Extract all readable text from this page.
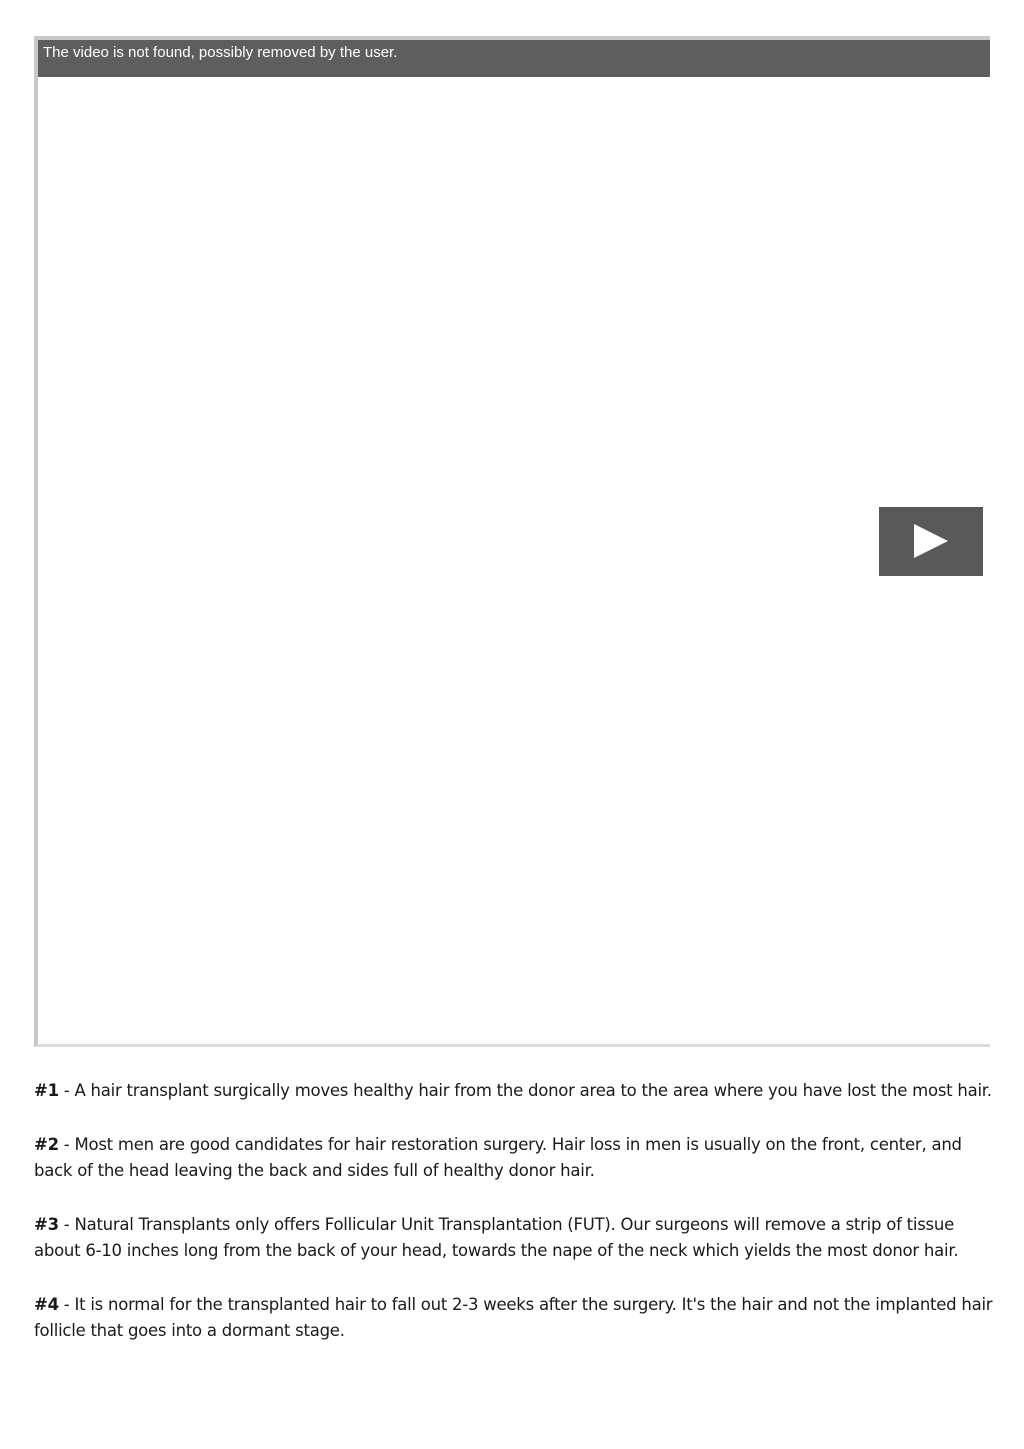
The video is not found, possibly removed by the user.

#1 - A hair transplant surgically moves healthy hair from the donor area to the area where you have lost the most hair.

#2 - Most men are good candidates for hair restoration surgery. Hair loss in men is usually on the front, center, and back of the head leaving the back and sides full of healthy donor hair.

#3 - Natural Transplants only offers Follicular Unit Transplantation (FUT). Our surgeons will remove a strip of tissue about 6-10 inches long from the back of your head, towards the nape of the neck which yields the most donor hair.

#4 - It is normal for the transplanted hair to fall out 2-3 weeks after the surgery. It's the hair and not the implanted hair follicle that goes into a dormant stage.
